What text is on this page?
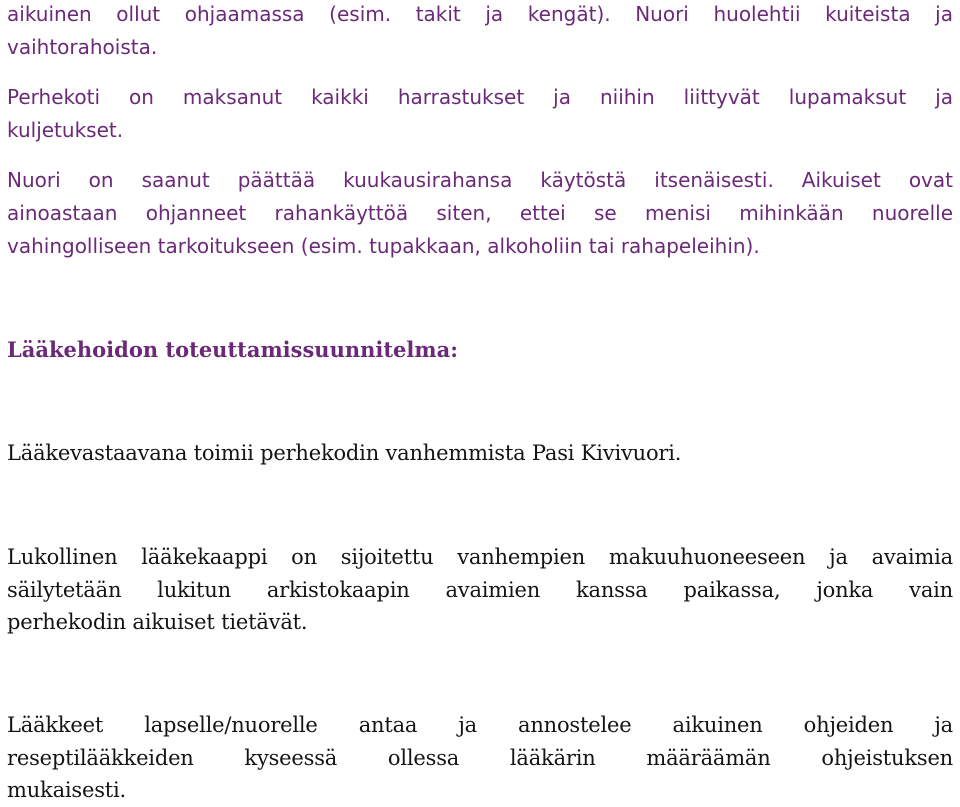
aikuinen ollut ohjaamassa (esim. takit ja kengät). Nuori huolehtii kuiteista ja
vaihtorahoista.
Perhekoti on maksanut kaikki harrastukset ja niihin liittyvät lupamaksut ja
kuljetukset.
Nuori on saanut päättää kuukausirahansa käytöstä itsenäisesti. Aikuiset ovat
ainoastaan ohjanneet rahankäyttöä siten, ettei se menisi mihinkään nuorelle
vahingolliseen tarkoitukseen (esim. tupakkaan, alkoholiin tai rahapeleihin).
Lääkehoidon toteuttamissuunnitelma:
Lääkevastaavana toimii perhekodin vanhemmista Pasi Kivivuori.
Lukollinen lääkekaappi on sijoitettu vanhempien makuuhuoneeseen ja avaimia
säilytetään lukitun arkistokaapin avaimien kanssa paikassa, jonka vain
perhekodin aikuiset tietävät.
Lääkkeet lapselle/nuorelle antaa ja annostelee aikuinen ohjeiden ja
reseptilääkkeiden kyseessä ollessa lääkärin määräämän ohjeistuksen
mukaisesti.
